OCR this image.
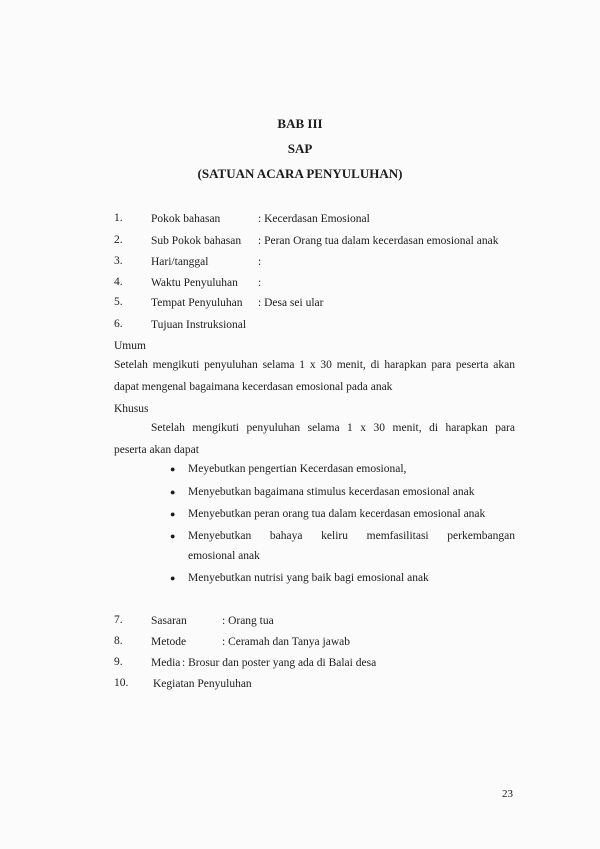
BAB III
SAP
(SATUAN ACARA PENYULUHAN)
1. Pokok bahasan	: Kecerdasan Emosional
2. Sub Pokok bahasan : Peran Orang tua dalam kecerdasan emosional anak
3. Hari/tanggal	:
4. Waktu Penyuluhan :
5. Tempat Penyuluhan : Desa sei ular
6. Tujuan Instruksional
Umum
Setelah mengikuti penyuluhan selama 1 x 30 menit, di harapkan para peserta akan
dapat mengenal bagaimana kecerdasan emosional pada anak
Khusus
Setelah mengikuti penyuluhan selama 1 x 30 menit, di harapkan para
peserta akan dapat
● Meyebutkan pengertian Kecerdasan emosional,
● Menyebutkan bagaimana stimulus kecerdasan emosional anak
● Menyebutkan peran orang tua dalam kecerdasan emosional anak
● Menyebutkan bahaya keliru memfasilitasi perkembangan
emosional anak
● Menyebutkan nutrisi yang baik bagi emosional anak
7. Sasaran	: Orang tua
8. Metode	: Ceramah dan Tanya jawab
9. Media : Brosur dan poster yang ada di Balai desa
10. Kegiatan Penyuluhan
23
